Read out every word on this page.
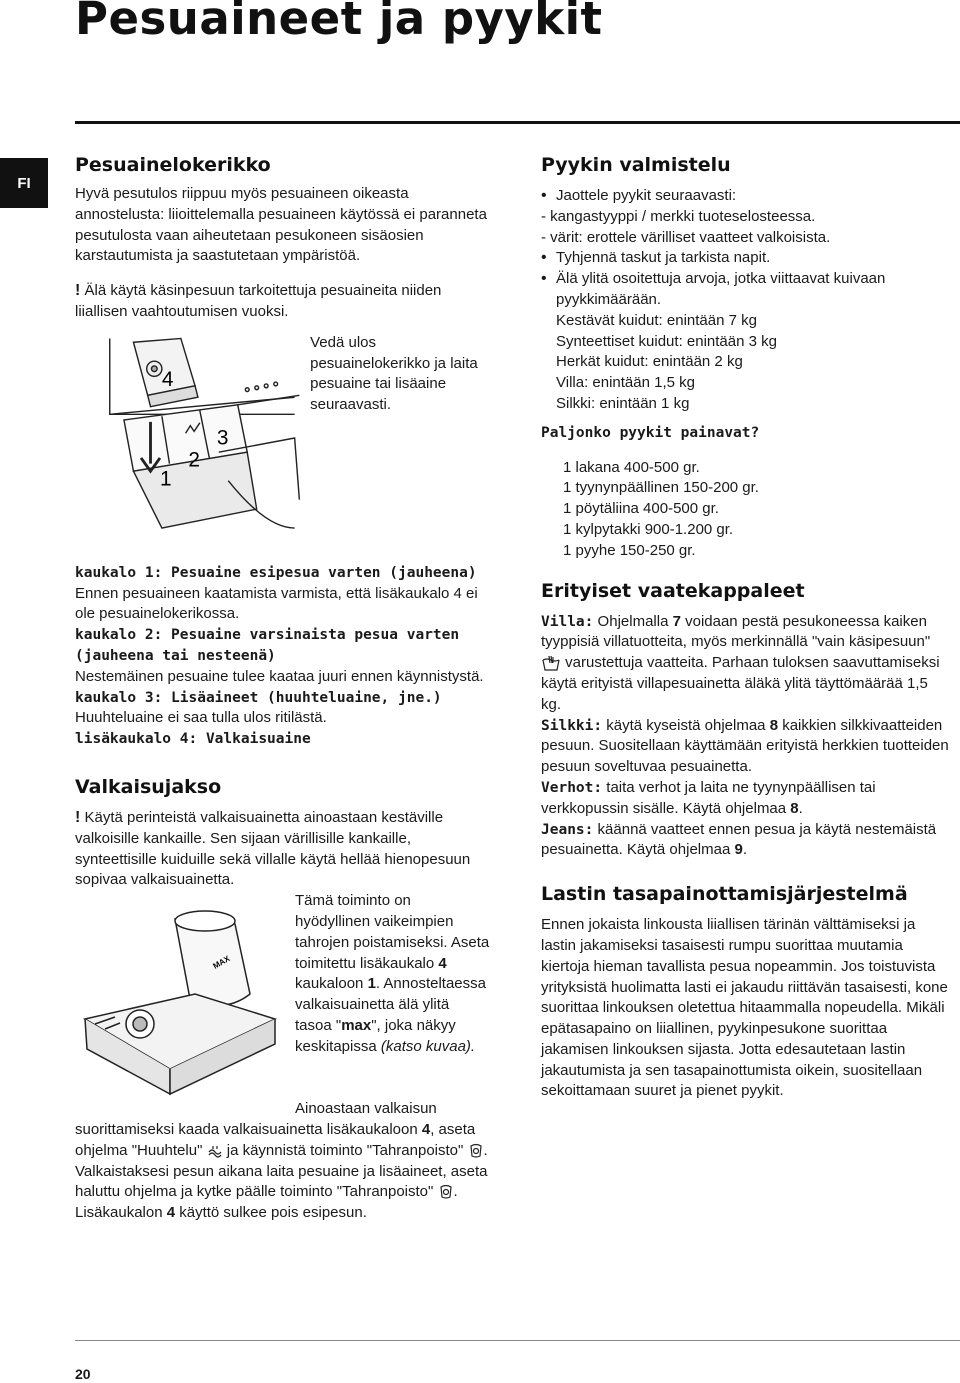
Pesuaineet ja pyykit
FI
Pesuainelokerikko

Hyvä pesutulos riippuu myös pesuaineen oikeasta annostelusta: liioittelemalla pesuaineen käytössä ei paranneta pesutulosta vaan aiheutetaan pesukoneen sisäosien karstautumista ja saastutetaan ympäristöä.

! Älä käytä käsinpesuun tarkoitettuja pesuaineita niiden liiallisen vaahtoutumisen vuoksi.

4
1
2
3

Vedä ulos pesuainelokerikko ja laita pesuaine tai lisäaine seuraavasti.

kaukalo 1: Pesuaine esipesua varten (jauheena)

Ennen pesuaineen kaatamista varmista, että lisäkaukalo 4 ei ole pesuainelokerikossa.

kaukalo 2: Pesuaine varsinaista pesua varten (jauheena tai nesteenä)

Nestemäinen pesuaine tulee kaataa juuri ennen käynnistystä.

kaukalo 3: Lisäaineet (huuhteluaine, jne.)

Huuhteluaine ei saa tulla ulos ritilästä.

lisäkaukalo 4: Valkaisuaine

Valkaisujakso

! Käytä perinteistä valkaisuainetta ainoastaan kestäville valkoisille kankaille. Sen sijaan värillisille kankaille, synteettisille kuiduille sekä villalle käytä hellää hienopesuun sopivaa valkaisuainetta.

MAX

Tämä toiminto on hyödyllinen vaikeimpien tahrojen poistamiseksi. Aseta toimitettu lisäkaukalo 4 kaukaloon 1. Annosteltaessa valkaisuainetta älä ylitä tasoa "max", joka näkyy keskitapissa (katso kuvaa).

Ainoastaan valkaisun suorittamiseksi kaada valkaisuainetta lisäkaukaloon 4, aseta ohjelma "Huuhtelu"  ja käynnistä toiminto "Tahranpoisto" .

Valkaistaksesi pesun aikana laita pesuaine ja lisäaineet, aseta haluttu ohjelma ja kytke päälle toiminto "Tahranpoisto" .

Lisäkaukalon 4 käyttö sulkee pois esipesun.

Pyykin valmistelu
• Jaottele pyykit seuraavasti:

- kangastyyppi / merkki tuoteselosteessa.

- värit: erottele värilliset vaatteet valkoisista.

• Tyhjennä taskut ja tarkista napit.
• Älä ylitä osoitettuja arvoja, jotka viittaavat kuivaan pyykkimäärään.

Kestävät kuidut: enintään 7 kg

Synteettiset kuidut: enintään 3 kg

Herkät kuidut: enintään 2 kg

Villa: enintään 1,5 kg

Silkki: enintään 1 kg

Paljonko pyykit painavat?

1 lakana 400-500 gr.

1 tyynynpäällinen 150-200 gr.

1 pöytäliina 400-500 gr.

1 kylpytakki 900-1.200 gr.

1 pyyhe 150-250 gr.

Erityiset vaatekappaleet

Villa: Ohjelmalla 7 voidaan pestä pesukoneessa kaiken tyyppisiä villatuotteita, myös merkinnällä "vain käsipesuun"  varustettuja vaatteita. Parhaan tuloksen saavuttamiseksi käytä erityistä villapesuainetta äläkä ylitä täyttömäärää 1,5 kg.

Silkki: käytä kyseistä ohjelmaa 8 kaikkien silkkivaatteiden pesuun. Suositellaan käyttämään erityistä herkkien tuotteiden pesuun soveltuvaa pesuainetta.

Verhot: taita verhot ja laita ne tyynynpäällisen tai verkkopussin sisälle. Käytä ohjelmaa 8.

Jeans: käännä vaatteet ennen pesua ja käytä nestemäistä pesuainetta. Käytä ohjelmaa 9.

Lastin tasapainottamisjärjestelmä

Ennen jokaista linkousta liiallisen tärinän välttämiseksi ja lastin jakamiseksi tasaisesti rumpu suorittaa muutamia kiertoja hieman tavallista pesua nopeammin. Jos toistuvista yrityksistä huolimatta lasti ei jakaudu riittävän tasaisesti, kone suorittaa linkouksen oletettua hitaammalla nopeudella. Mikäli epätasapaino on liiallinen, pyykinpesukone suorittaa jakamisen linkouksen sijasta. Jotta edesautetaan lastin jakautumista ja sen tasapainottumista oikein, suositellaan sekoittamaan suuret ja pienet pyykit.

20
